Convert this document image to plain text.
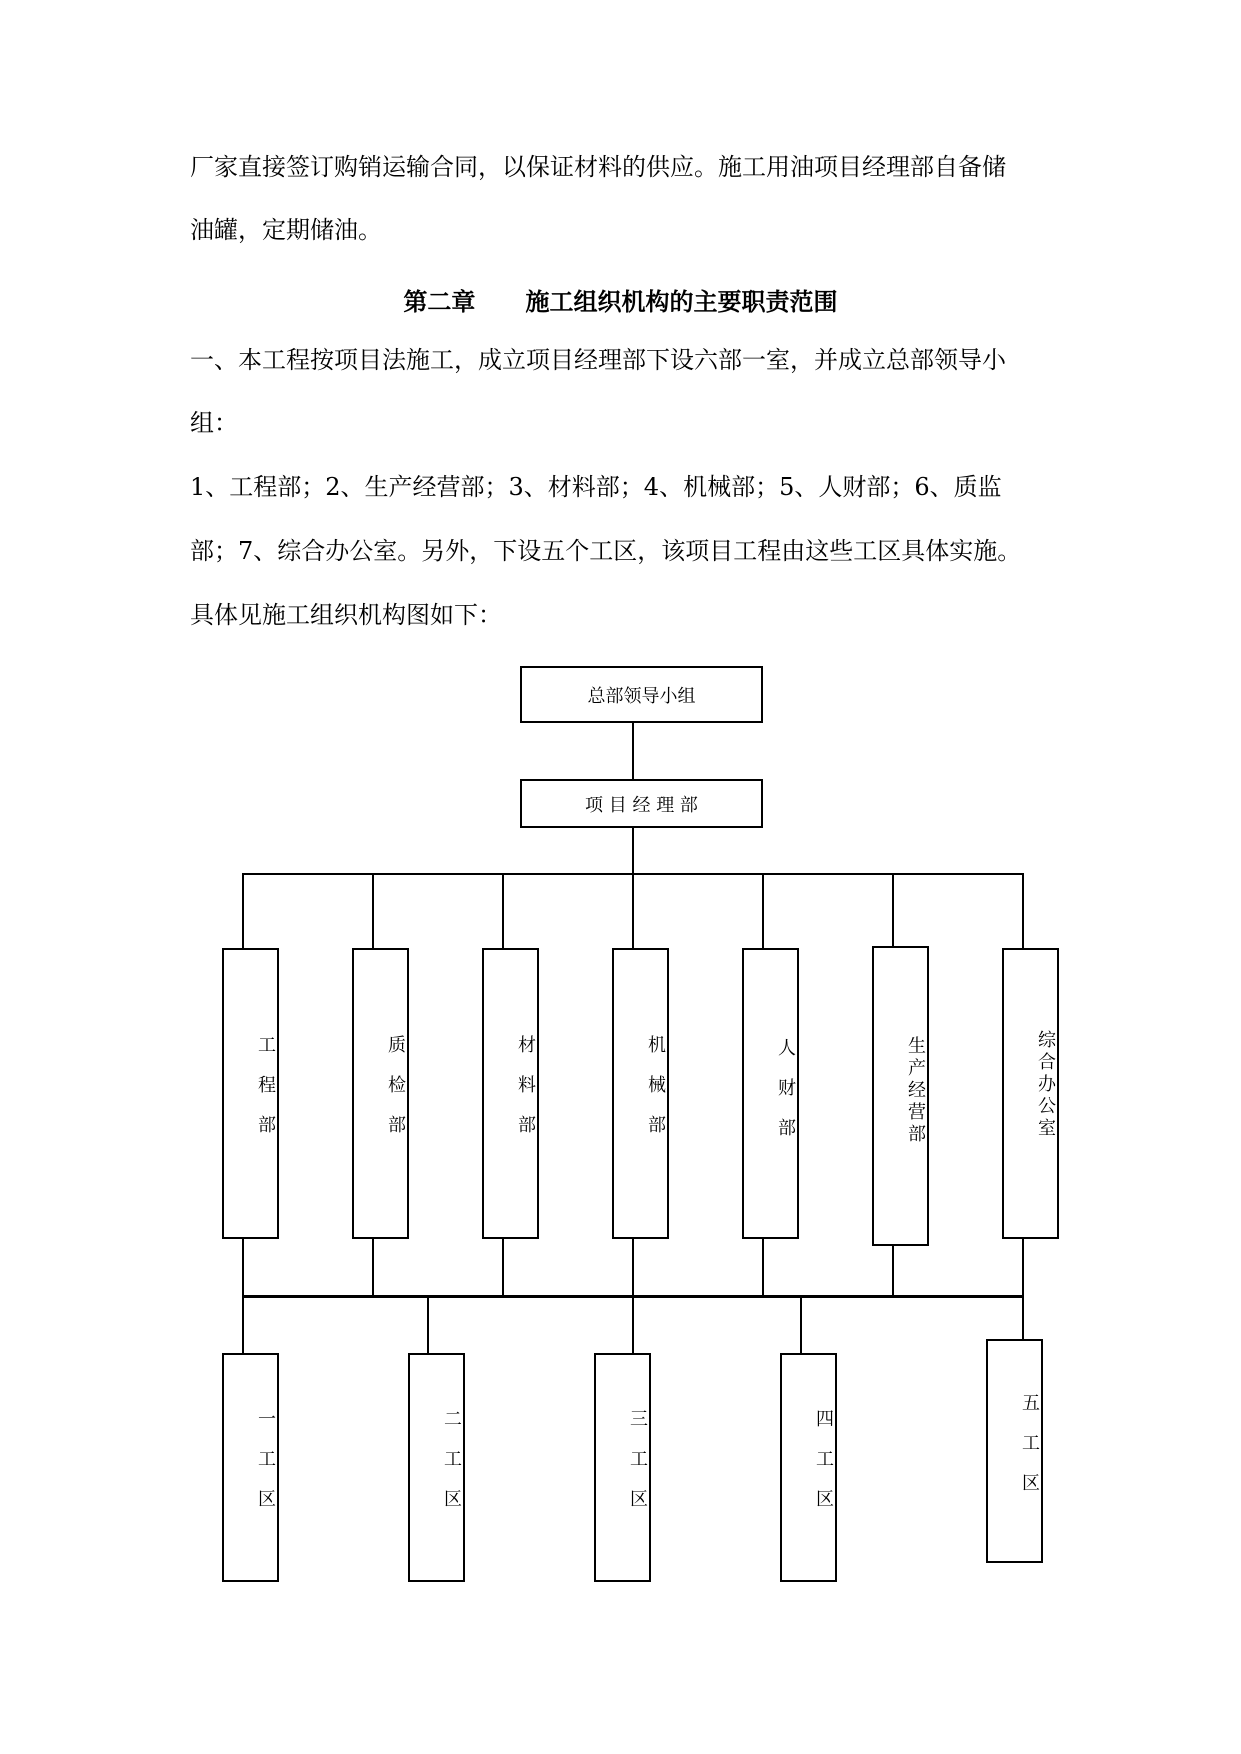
厂家直接签订购销运输合同，以保证材料的供应。施工用油项目经理部自备储
油罐，定期储油。
第二章      施工组织机构的主要职责范围
一、本工程按项目法施工，成立项目经理部下设六部一室，并成立总部领导小
组：
1、工程部；2、生产经营部；3、材料部；4、机械部；5、人财部；6、质监
部；7、综合办公室。另外，下设五个工区，该项目工程由这些工区具体实施。
具体见施工组织机构图如下：
总部领导小组
项 目 经 理 部
工程部	质检部	材料部	机械部	人财部	生产经营部	综合办公室
一工区	二工区	三工区	四工区	五工区
